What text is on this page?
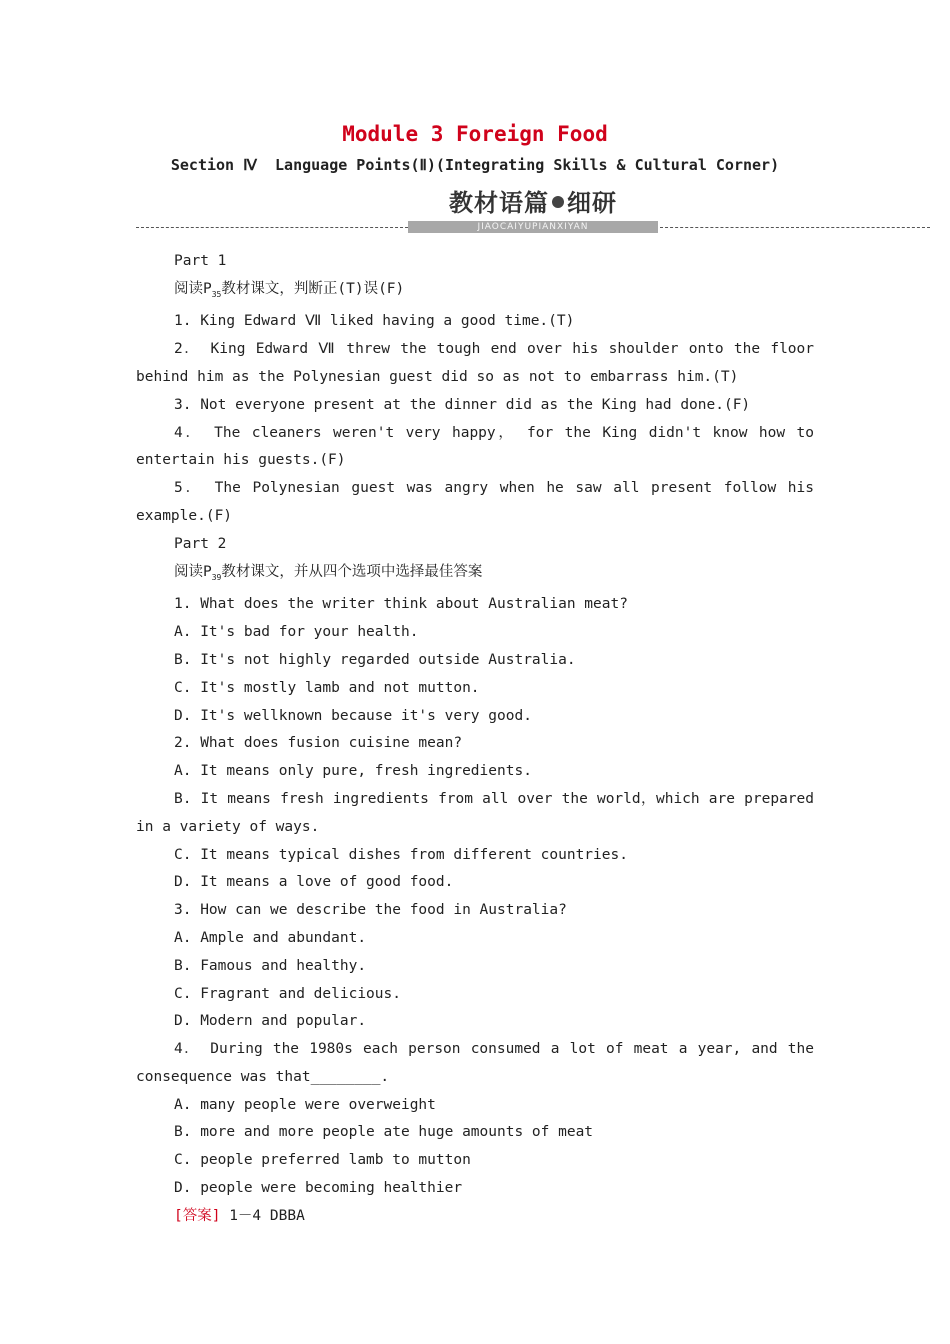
Module 3 Foreign Food
Section Ⅳ  Language Points(Ⅱ)(Integrating Skills & Cultural Corner)
教材语篇 细研
JIAOCAIYUPIANXIYAN

Part 1

阅读$P_{35}$教材课文，判断正(T)误(F)

1. King Edward Ⅶ liked having a good time.(T)

2． King Edward Ⅶ threw the tough end over his shoulder onto the floor behind him as the Polynesian guest did so as not to embarrass him.(T)

3. Not everyone present at the dinner did as the King had done.(F)

4． The cleaners weren't very happy， for the King didn't know how to entertain his guests.(F)

5． The Polynesian guest was angry when he saw all present follow his example.(F)

Part 2

阅读$P_{39}$教材课文，并从四个选项中选择最佳答案

1. What does the writer think about Australian meat?

A. It's bad for your health.

B. It's not highly regarded outside Australia.

C. It's mostly lamb and not mutton.

D. It's wellknown because it's very good.

2. What does fusion cuisine mean?

A. It means only pure, fresh ingredients.

B. It means fresh ingredients from all over the world，which are prepared in a variety of ways.

C. It means typical dishes from different countries.

D. It means a love of good food.

3. How can we describe the food in Australia?

A. Ample and abundant.

B. Famous and healthy.

C. Fragrant and delicious.

D. Modern and popular.

4． During the 1980s each person consumed a lot of meat a year, and the consequence was that________.

A. many people were overweight

B. more and more people ate huge amounts of meat

C. people preferred lamb to mutton

D. people were becoming healthier

[答案] 1－4 DBBA
